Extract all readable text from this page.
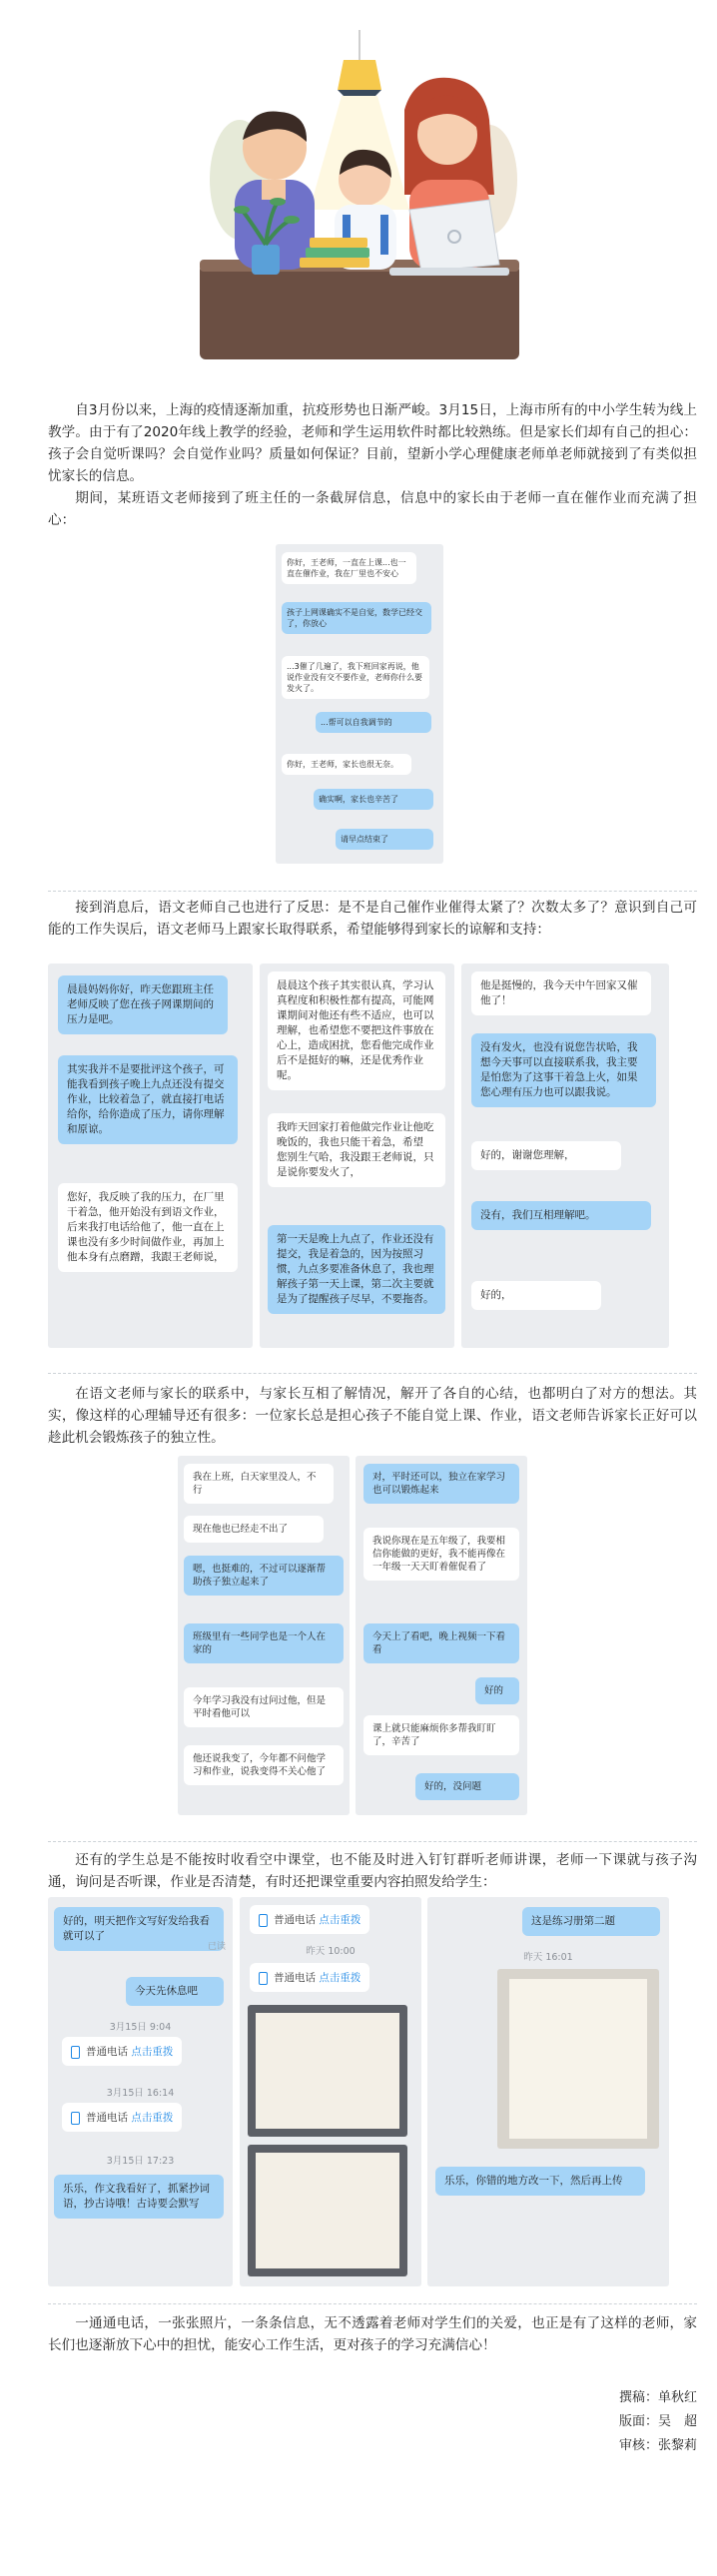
自3月份以来，上海的疫情逐渐加重，抗疫形势也日渐严峻。3月15日，上海市所有的中小学生转为线上教学。由于有了2020年线上教学的经验，老师和学生运用软件时都比较熟练。但是家长们却有自己的担心：孩子会自觉听课吗？会自觉作业吗？质量如何保证？目前，望新小学心理健康老师单老师就接到了有类似担忧家长的信息。

期间，某班语文老师接到了班主任的一条截屏信息，信息中的家长由于老师一直在催作业而充满了担心：

你好，王老师，一直在上课...也一直在催作业，我在厂里也不安心
孩子上网课确实不是自觉，数学已经交了，你放心
...3催了几遍了，我下班回家再说，他说作业没有交不要作业，老师你什么要发火了。
...帮可以自我调节的
你好，王老师，家长也很无奈。
确实啊，家长也辛苦了
请早点结束了

接到消息后，语文老师自己也进行了反思：是不是自己催作业催得太紧了？次数太多了？意识到自己可能的工作失误后，语文老师马上跟家长取得联系，希望能够得到家长的谅解和支持：

晨晨妈妈你好，昨天您跟班主任老师反映了您在孩子网课期间的压力是吧。
其实我并不是要批评这个孩子，可能我看到孩子晚上九点还没有提交作业，比较着急了，就直接打电话给你，给你造成了压力，请你理解和原谅。
您好，我反映了我的压力，在厂里干着急，他开始没有到语文作业，后来我打电话给他了，他一直在上课也没有多少时间做作业，再加上他本身有点磨蹭，我跟王老师说，
晨晨这个孩子其实很认真，学习认真程度和积极性都有提高，可能网课期间对他还有些不适应，也可以理解，也希望您不要把这件事放在心上，造成困扰，您看他完成作业后不是挺好的嘛，还是优秀作业呢。
我昨天回家打着他做完作业让他吃晚饭的，我也只能干着急，希望　　您别生气哈，我没跟王老师说，只是说你要发火了，
第一天是晚上九点了，作业还没有提交，我是着急的，因为按照习惯，九点多要准备休息了，我也理解孩子第一天上课，第二次主要就是为了提醒孩子尽早，不要拖沓。
他是挺慢的，我今天中午回家又催他了！
没有发火，也没有说您告状哈，我想今天事可以直接联系我，我主要是怕您为了这事干着急上火，如果您心理有压力也可以跟我说。
好的，谢谢您理解，
没有，我们互相理解吧。
好的，

在语文老师与家长的联系中，与家长互相了解情况，解开了各自的心结，也都明白了对方的想法。其实，像这样的心理辅导还有很多：一位家长总是担心孩子不能自觉上课、作业，语文老师告诉家长正好可以趁此机会锻炼孩子的独立性。

我在上班，白天家里没人，不行
现在他也已经走不出了
嗯，也挺难的，不过可以逐渐帮助孩子独立起来了
班级里有一些同学也是一个人在家的
今年学习我没有过问过他，但是平时看他可以
他还说我变了，今年都不问他学习和作业，说我变得不关心他了
对，平时还可以，独立在家学习也可以锻炼起来
我说你现在是五年级了，我要相信你能做的更好，我不能再像在一年级一天天盯着催促看了
今天上了看吧，晚上视频一下看看
好的
课上就只能麻烦你多帮我盯盯了，辛苦了
好的，没问题

还有的学生总是不能按时收看空中课堂，也不能及时进入钉钉群听老师讲课，老师一下课就与孩子沟通，询问是否听课，作业是否清楚，有时还把课堂重要内容拍照发给学生：

好的，明天把作文写好发给我看就可以了
已读
今天先休息吧
3月15日 9:04
普通电话 点击重拨
3月15日 16:14
普通电话 点击重拨
3月15日 17:23
乐乐，作文我看好了，抓紧抄词语，抄古诗哦！古诗要会默写
普通电话 点击重拨
昨天 10:00
普通电话 点击重拨
这是练习册第二题
昨天 16:01
乐乐，你错的地方改一下，然后再上传

一通通电话，一张张照片，一条条信息，无不透露着老师对学生们的关爱，也正是有了这样的老师，家长们也逐渐放下心中的担忧，能安心工作生活，更对孩子的学习充满信心！

撰稿：单秋红
版面：吴　超
审核：张黎莉
